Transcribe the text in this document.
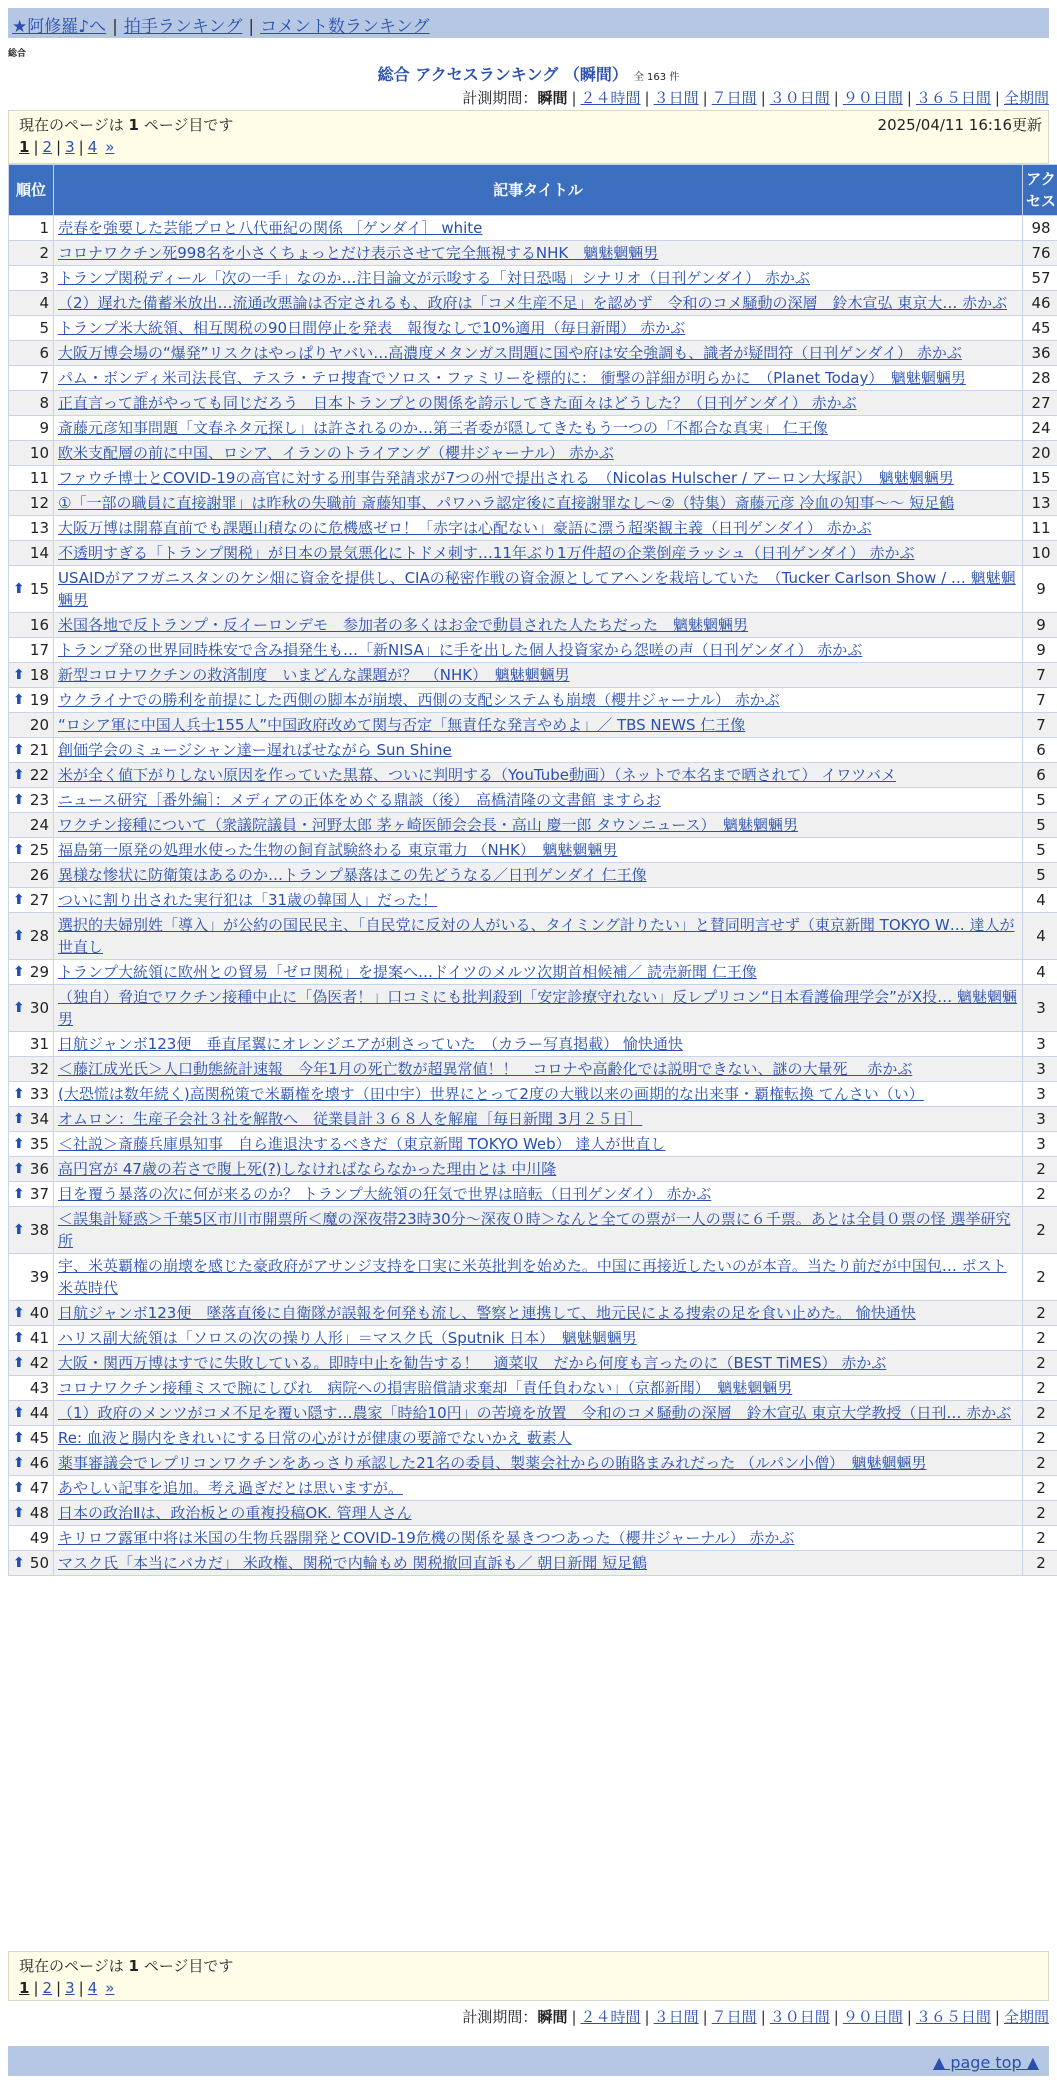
★阿修羅♪へ | 拍手ランキング | コメント数ランキング
総合
総合 アクセスランキング （瞬間） 全 163 件
計測期間：瞬間 | ２４時間 | ３日間 | ７日間 | ３０日間 | ９０日間 | ３６５日間 | 全期間
現在のページは 1 ページ目です	2025/04/11 16:16更新
1 | 2 | 3 | 4 »
順位	記事タイトル	アクセス
1	売春を強要した芸能プロと八代亜紀の関係 ［ゲンダイ］ white	98
2	コロナワクチン死998名を小さくちょっとだけ表示させて完全無視するNHK　魑魅魍魎男	76
3	トランプ関税ディール「次の一手」なのか…注目論文が示唆する「対日恐喝」シナリオ（日刊ゲンダイ） 赤かぶ	57
4	（2）遅れた備蓄米放出…流通改悪論は否定されるも、政府は「コメ生産不足」を認めず　令和のコメ騒動の深層　鈴木宣弘 東京大… 赤かぶ	46
5	トランプ米大統領、相互関税の90日間停止を発表　報復なしで10%適用（毎日新聞） 赤かぶ	45
6	大阪万博会場の“爆発”リスクはやっぱりヤバい…高濃度メタンガス問題に国や府は安全強調も、識者が疑問符（日刊ゲンダイ） 赤かぶ	36
7	パム・ボンディ米司法長官、テスラ・テロ捜査でソロス・ファミリーを標的に： 衝撃の詳細が明らかに　（Planet Today）　魑魅魍魎男	28
8	正直言って誰がやっても同じだろう　日本トランプとの関係を誇示してきた面々はどうした？（日刊ゲンダイ） 赤かぶ	27
9	斎藤元彦知事問題「文春ネタ元探し」は許されるのか…第三者委が隠してきたもう一つの「不都合な真実」 仁王像	24
10	欧米支配層の前に中国、ロシア、イランのトライアング（櫻井ジャーナル） 赤かぶ	20
11	ファウチ博士とCOVID-19の高官に対する刑事告発請求が7つの州で提出される　（Nicolas Hulscher / アーロン大塚訳）　魑魅魍魎男	15
12	①「一部の職員に直接謝罪」は昨秋の失職前 斎藤知事、パワハラ認定後に直接謝罪なし～②（特集）斎藤元彦 冷血の知事～～ 短足鶴	13
13	大阪万博は開幕直前でも課題山積なのに危機感ゼロ！「赤字は心配ない」豪語に漂う超楽観主義（日刊ゲンダイ） 赤かぶ	11
14	不透明すぎる「トランプ関税」が日本の景気悪化にトドメ刺す…11年ぶり1万件超の企業倒産ラッシュ（日刊ゲンダイ） 赤かぶ	10

⬆ 15	USAIDがアフガニスタンのケシ畑に資金を提供し、CIAの秘密作戦の資金源としてアヘンを栽培していた　（Tucker Carlson Show / … 魑魅魍魎男	9
16	米国各地で反トランプ・反イーロンデモ　参加者の多くはお金で動員された人たちだった　魑魅魍魎男	9
17	トランプ発の世界同時株安で含み損発生も…「新NISA」に手を出した個人投資家から怨嗟の声（日刊ゲンダイ） 赤かぶ	9

⬆ 18	新型コロナワクチンの救済制度　いまどんな課題が？　（NHK）　魑魅魍魎男	7

⬆ 19	ウクライナでの勝利を前提にした西側の脚本が崩壊、西側の支配システムも崩壊（櫻井ジャーナル） 赤かぶ	7
20	“ロシア軍に中国人兵士155人”中国政府改めて関与否定「無責任な発言やめよ」／ TBS NEWS 仁王像	7

⬆ 21	創価学会のミュージシャン達ー遅ればせながら Sun Shine	6

⬆ 22	米が全く値下がりしない原因を作っていた黒幕、ついに判明する（YouTube動画）（ネットで本名まで晒されて） イワツバメ	6

⬆ 23	ニュース研究［番外編］：メディアの正体をめぐる鼎談（後）　高橋清隆の文書館 ますらお	5
24	ワクチン接種について（衆議院議員・河野太郎 茅ヶ崎医師会会長・高山 慶一郎 タウンニュース）　魑魅魍魎男	5

⬆ 25	福島第一原発の処理水使った生物の飼育試験終わる 東京電力 （NHK）　魑魅魍魎男	5
26	異様な惨状に防衛策はあるのか…トランプ暴落はこの先どうなる／日刊ゲンダイ 仁王像	5

⬆ 27	ついに割り出された実行犯は「31歳の韓国人」だった！	4

⬆ 28	選択的夫婦別姓「導入」が公約の国民民主、「自民党に反対の人がいる、タイミング計りたい」と賛同明言せず（東京新聞 TOKYO W… 達人が世直し	4

⬆ 29	トランプ大統領に欧州との貿易「ゼロ関税」を提案へ…ドイツのメルツ次期首相候補／ 読売新聞 仁王像	4

⬆ 30	（独自）脅迫でワクチン接種中止に「偽医者！」口コミにも批判殺到「安定診療守れない」反レプリコン“日本看護倫理学会”がX投… 魑魅魍魎男	3
31	日航ジャンボ123便　垂直尾翼にオレンジエアが刺さっていた　（カラー写真掲載） 愉快通快	3
32	＜藤江成光氏＞人口動態統計速報　今年1月の死亡数が超異常値！！　コロナや高齢化では説明できない、謎の大量死　 赤かぶ	3

⬆ 33	(大恐慌は数年続く)高関税策で米覇権を壊す（田中宇）世界にとって2度の大戦以来の画期的な出来事・覇権転換 てんさい（い）	3

⬆ 34	オムロン：生産子会社３社を解散へ　従業員計３６８人を解雇［毎日新聞 3月２５日］	3

⬆ 35	＜社説＞斎藤兵庫県知事　自ら進退決するべきだ（東京新聞 TOKYO Web） 達人が世直し	3

⬆ 36	高円宮が 47歳の若さで腹上死(?)しなければならなかった理由とは 中川隆	2

⬆ 37	目を覆う暴落の次に何が来るのか？ トランプ大統領の狂気で世界は暗転（日刊ゲンダイ） 赤かぶ	2

⬆ 38	＜誤集計疑惑＞千葉5区市川市開票所＜魔の深夜帯23時30分～深夜０時＞なんと全ての票が一人の票に６千票。あとは全員０票の怪 選挙研究所	2
39	宇、米英覇権の崩壊を感じた豪政府がアサンジ支持を口実に米英批判を始めた。中国に再接近したいのが本音。当たり前だが中国包… ポスト米英時代	2

⬆ 40	日航ジャンボ123便　墜落直後に自衛隊が誤報を何発も流し、警察と連携して、地元民による捜索の足を食い止めた。 愉快通快	2

⬆ 41	ハリス副大統領は「ソロスの次の操り人形」＝マスク氏（Sputnik 日本）　魑魅魍魎男	2

⬆ 42	大阪・関西万博はすでに失敗している。即時中止を勧告する！　適菜収　だから何度も言ったのに（BEST TiMES） 赤かぶ	2
43	コロナワクチン接種ミスで腕にしびれ　病院への損害賠償請求棄却「責任負わない」（京都新聞）　魑魅魍魎男	2

⬆ 44	（1）政府のメンツがコメ不足を覆い隠す…農家「時給10円」の苦境を放置　令和のコメ騒動の深層　鈴木宣弘 東京大学教授（日刊… 赤かぶ	2

⬆ 45	Re: 血液と腸内をきれいにする日常の心がけが健康の要諦でないかえ 藪素人	2

⬆ 46	薬事審議会でレプリコンワクチンをあっさり承認した21名の委員、製薬会社からの賄賂まみれだった （ルパン小僧）　魑魅魍魎男	2

⬆ 47	あやしい記事を追加。考え過ぎだとは思いますが。	2

⬆ 48	日本の政治Ⅱは、政治板との重複投稿OK. 管理人さん	2
49	キリロフ露軍中将は米国の生物兵器開発とCOVID-19危機の関係を暴きつつあった（櫻井ジャーナル） 赤かぶ	2

⬆ 50	マスク氏「本当にバカだ」 米政権、関税で内輪もめ 関税撤回直訴も／ 朝日新聞 短足鶴	2
現在のページは 1 ページ目です
1 | 2 | 3 | 4 »
計測期間：瞬間 | ２４時間 | ３日間 | ７日間 | ３０日間 | ９０日間 | ３６５日間 | 全期間
▲ page top ▲
